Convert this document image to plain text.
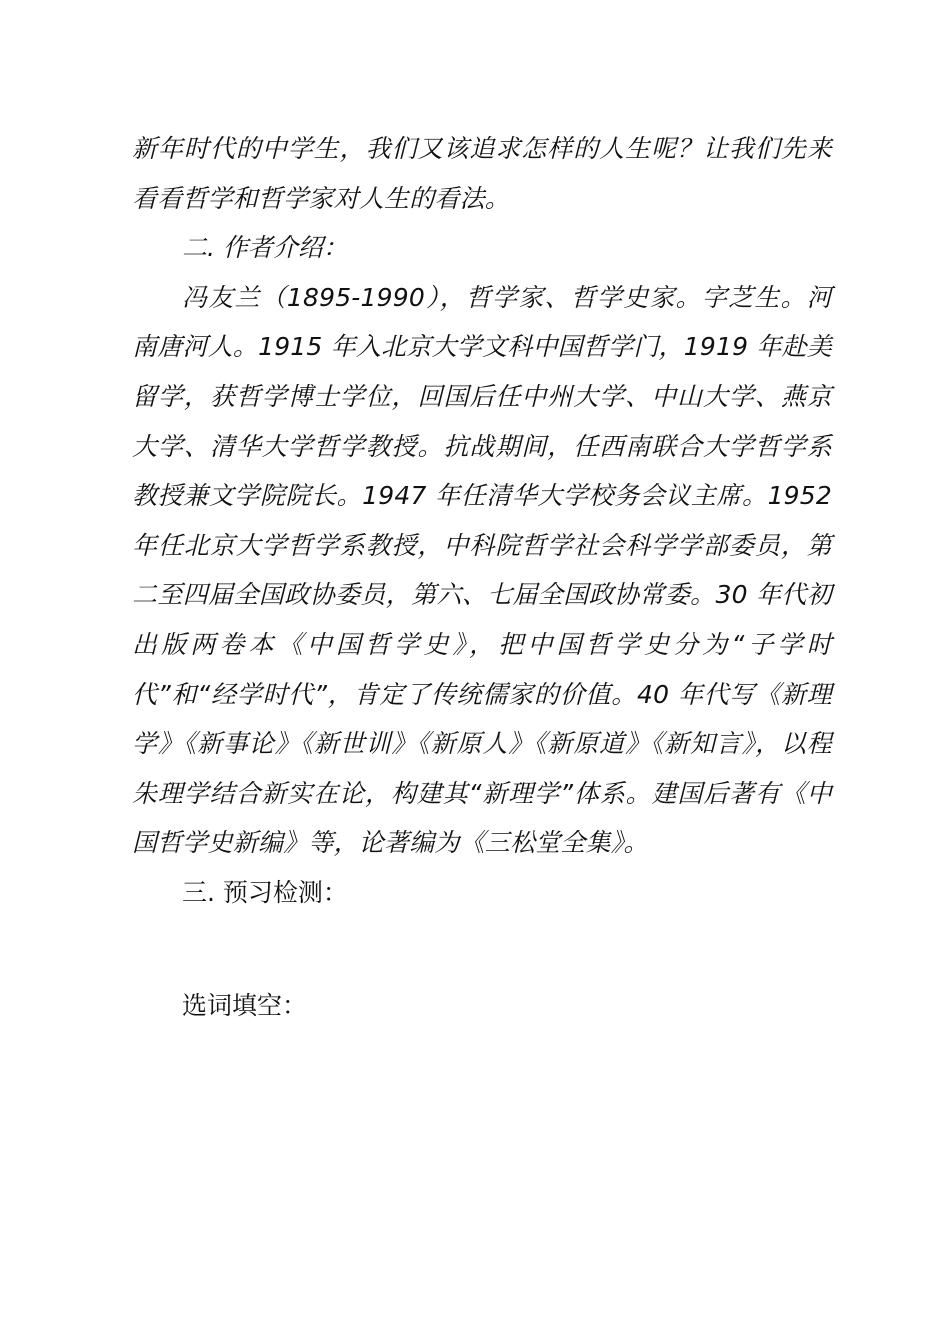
新年时代的中学生，我们又该追求怎样的人生呢？让我们先来看看哲学和哲学家对人生的看法。

二. 作者介绍：

冯友兰（1895-1990），哲学家、哲学史家。字芝生。河南唐河人。1915 年入北京大学文科中国哲学门，1919 年赴美留学，获哲学博士学位，回国后任中州大学、中山大学、燕京大学、清华大学哲学教授。抗战期间，任西南联合大学哲学系教授兼文学院院长。1947 年任清华大学校务会议主席。1952 年任北京大学哲学系教授，中科院哲学社会科学学部委员，第二至四届全国政协委员，第六、七届全国政协常委。30 年代初出版两卷本《中国哲学史》，把中国哲学史分为“子学时代”和“经学时代”，肯定了传统儒家的价值。40 年代写《新理学》《新事论》《新世训》《新原人》《新原道》《新知言》，以程朱理学结合新实在论，构建其“新理学”体系。建国后著有《中国哲学史新编》等，论著编为《三松堂全集》。

三. 预习检测：

选词填空：
